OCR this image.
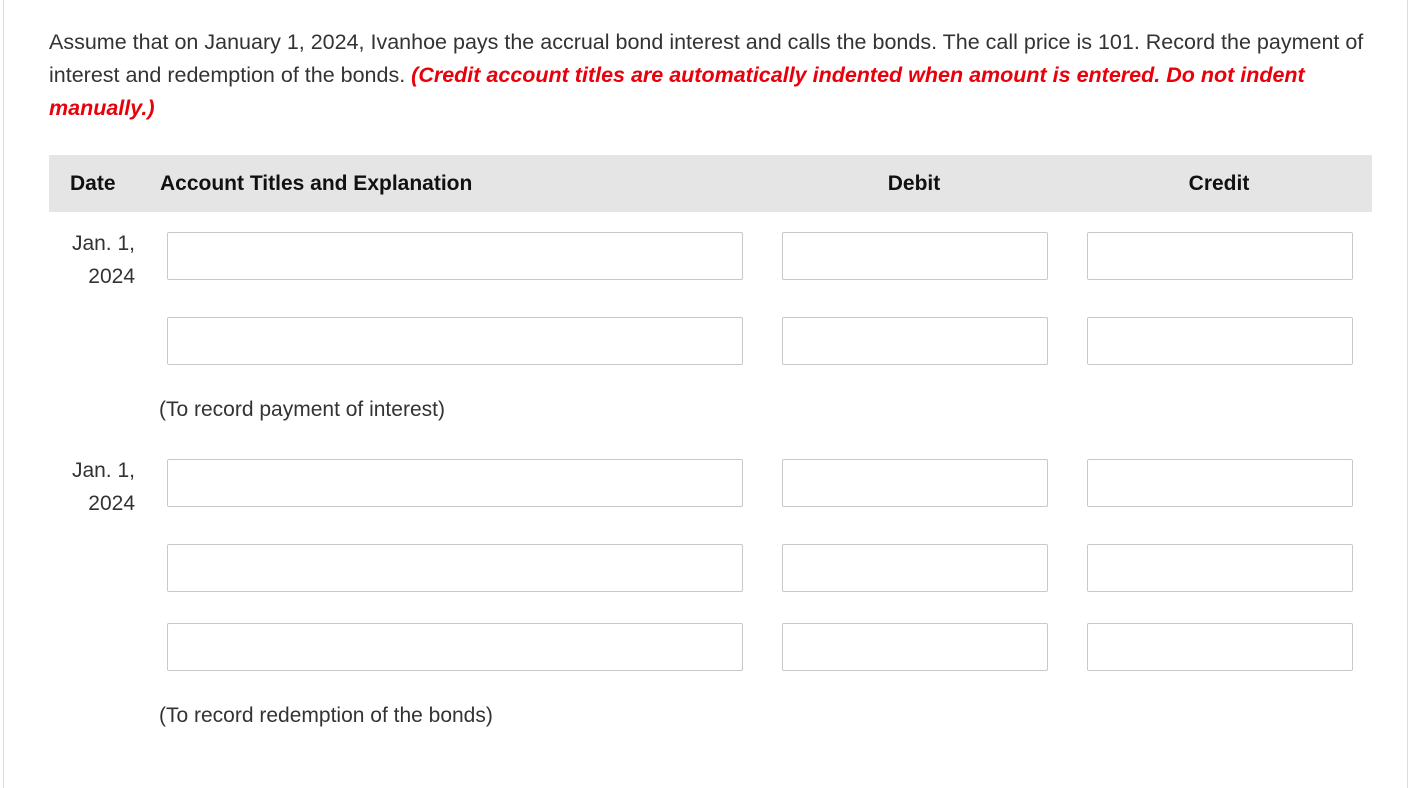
Assume that on January 1, 2024, Ivanhoe pays the accrual bond interest and calls the bonds. The call price is 101. Record the payment of interest and redemption of the bonds. (Credit account titles are automatically indented when amount is entered. Do not indent manually.)
Date Account Titles and Explanation	Debit	Credit
Jan. 1,
2024
(To record payment of interest)
Jan. 1,
2024
(To record redemption of the bonds)
